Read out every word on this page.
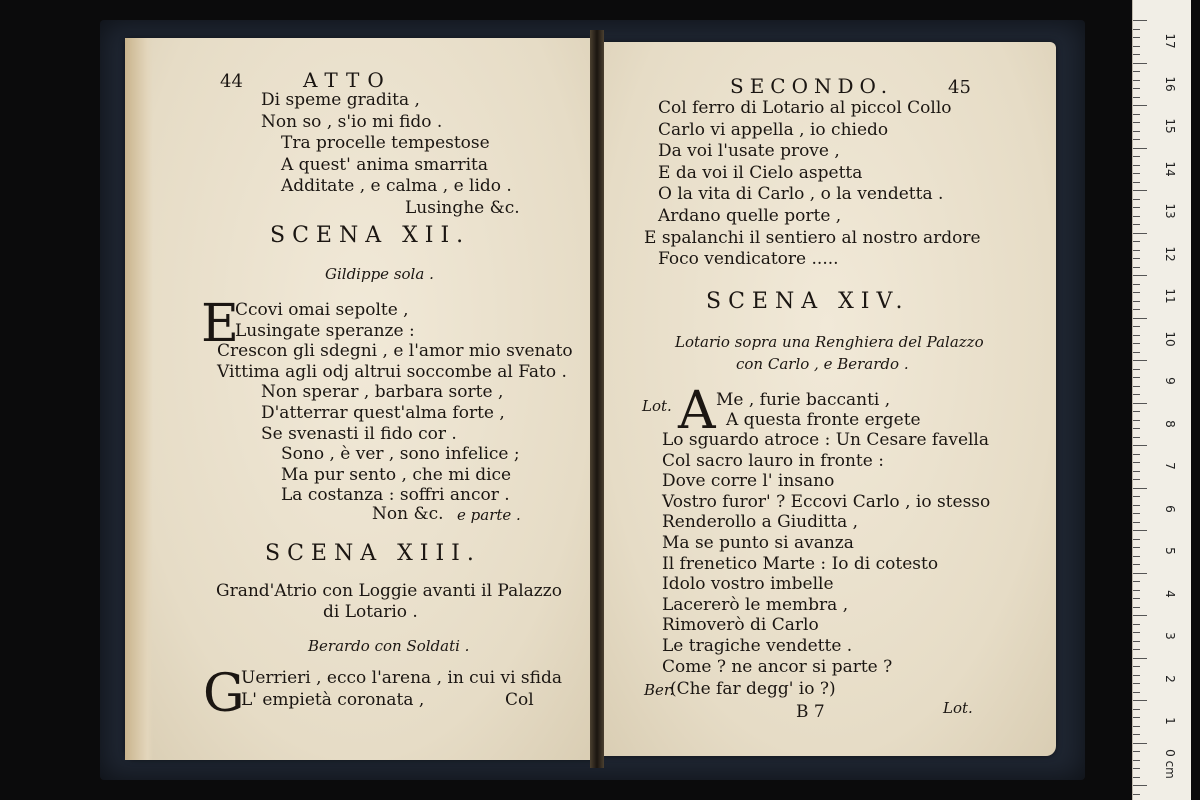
44	ATTO
Di speme gradita ,
Non so , s'io mi fido .
Tra procelle tempestose
A quest' anima smarrita
Additate , e calma , e lido .
Lusinghe &c.
SCENA XII.
Gildippe sola .
E
Ccovi omai sepolte ,
Lusingate speranze :
Crescon gli sdegni , e l'amor mio svenato
Vittima agli odj altrui soccombe al Fato .
Non sperar , barbara sorte ,
D'atterrar quest'alma forte ,
Se svenasti il fido cor .
Sono , è ver , sono infelice ;
Ma pur sento , che mi dice
La costanza : soffri ancor .
Non &c. e parte .
SCENA XIII.
Grand'Atrio con Loggie avanti il Palazzo
di Lotario .
Berardo con Soldati .
G
Uerrieri , ecco l'arena , in cui vi sfida
L' empietà coronata ,	Col
SECONDO.	45
Col ferro di Lotario al piccol Collo
Carlo vi appella , io chiedo
Da voi l'usate prove ,
E da voi il Cielo aspetta
O la vita di Carlo , o la vendetta .
Ardano quelle porte ,
E spalanchi il sentiero al nostro ardore
Foco vendicatore .....
SCENA XIV.
Lotario sopra una Renghiera del Palazzo
con Carlo , e Berardo .
Lot. A Me , furie baccanti ,
A questa fronte ergete
Lo sguardo atroce : Un Cesare favella
Col sacro lauro in fronte :
Dove corre l' insano
Vostro furor' ? Eccovi Carlo , io stesso
Renderollo a Giuditta ,
Ma se punto si avanza
Il frenetico Marte : Io di cotesto
Idolo vostro imbelle
Lacererò le membra ,
Rimoverò di Carlo
Le tragiche vendette .
Come ? ne ancor si parte ?
Ber.
(Che far degg' io ?)
B 7	Lot.
17
16
15
14
13
12
11
10
9
8
7
6
5
4
3
2
1
0 cm
